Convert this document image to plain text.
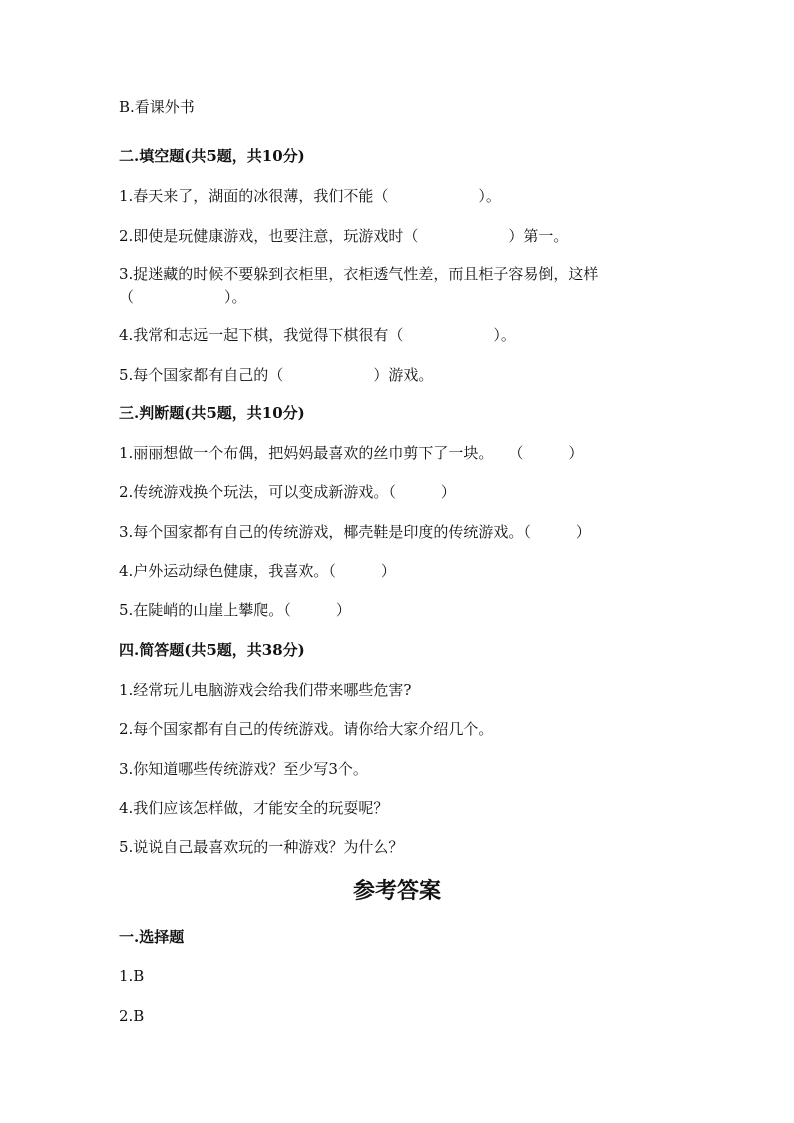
B.看课外书
二.填空题(共5题，共10分)
1.春天来了，湖面的冰很薄，我们不能（　　　　　　）。
2.即使是玩健康游戏，也要注意，玩游戏时（　　　　　　）第一。
3.捉迷藏的时候不要躲到衣柜里，衣柜透气性差，而且柜子容易倒，这样
（　　　　　　）。
4.我常和志远一起下棋，我觉得下棋很有（　　　　　　）。
5.每个国家都有自己的（　　　　　　）游戏。
三.判断题(共5题，共10分)
1.丽丽想做一个布偶，把妈妈最喜欢的丝巾剪下了一块。　　（　　　）
2.传统游戏换个玩法，可以变成新游戏。（　　　）
3.每个国家都有自己的传统游戏，椰壳鞋是印度的传统游戏。（　　　）
4.户外运动绿色健康，我喜欢。（　　　）
5.在陡峭的山崖上攀爬。（　　　）
四.简答题(共5题，共38分)
1.经常玩儿电脑游戏会给我们带来哪些危害?
2.每个国家都有自己的传统游戏。请你给大家介绍几个。
3.你知道哪些传统游戏？至少写3个。
4.我们应该怎样做，才能安全的玩耍呢？
5.说说自己最喜欢玩的一种游戏？为什么？
参考答案
一.选择题
1.B
2.B
